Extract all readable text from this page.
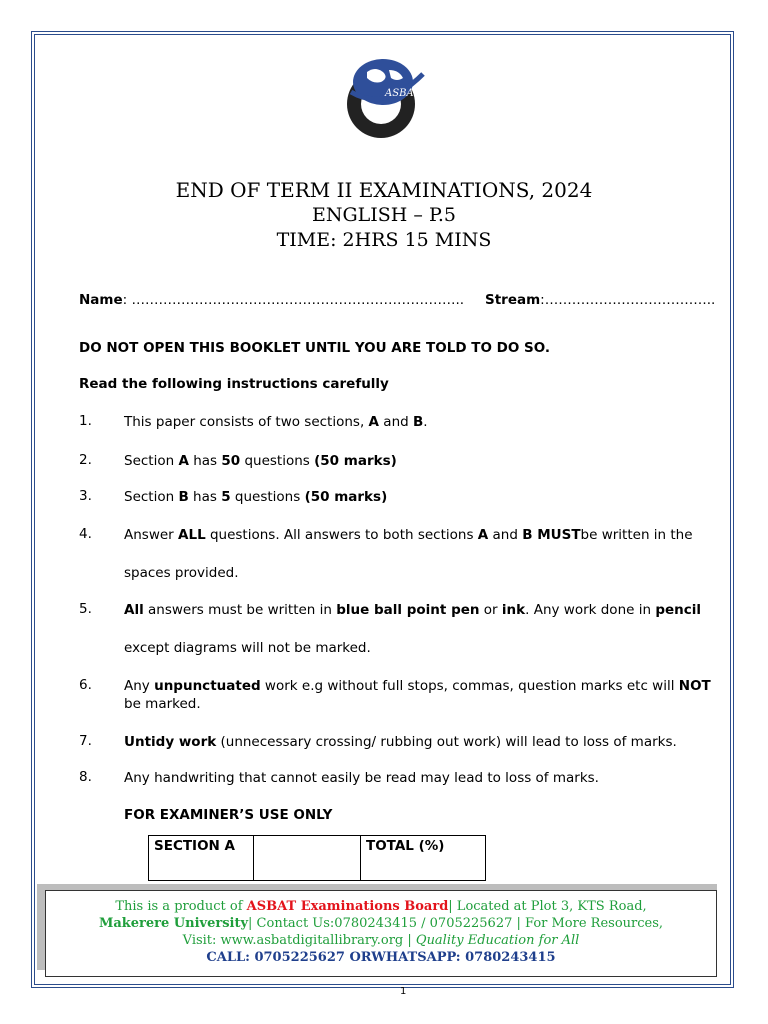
ASBAT
END OF TERM II EXAMINATIONS, 2024
ENGLISH – P.5
TIME: 2HRS 15 MINS
Name: ……………………………………………………………….. Stream:………………………………..
DO NOT OPEN THIS BOOKLET UNTIL YOU ARE TOLD TO DO SO.
Read the following instructions carefully
1. This paper consists of two sections, A and B.
2. Section A has 50 questions (50 marks)
3. Section B has 5 questions (50 marks)
4. Answer ALL questions. All answers to both sections A and B MUSTbe written in the
spaces provided.
5. All answers must be written in blue ball point pen or ink. Any work done in pencil
except diagrams will not be marked.
6. Any unpunctuated work e.g without full stops, commas, question marks etc will NOT be marked.
7. Untidy work (unnecessary crossing/ rubbing out work) will lead to loss of marks.
8. Any handwriting that cannot easily be read may lead to loss of marks.
FOR EXAMINER’S USE ONLY
SECTION A		TOTAL (%)
This is a product of ASBAT Examinations Board| Located at Plot 3, KTS Road,
Makerere University| Contact Us:0780243415 / 0705225627 | For More Resources,
Visit: www.asbatdigitallibrary.org | Quality Education for All
CALL: 0705225627 ORWHATSAPP: 0780243415
1
